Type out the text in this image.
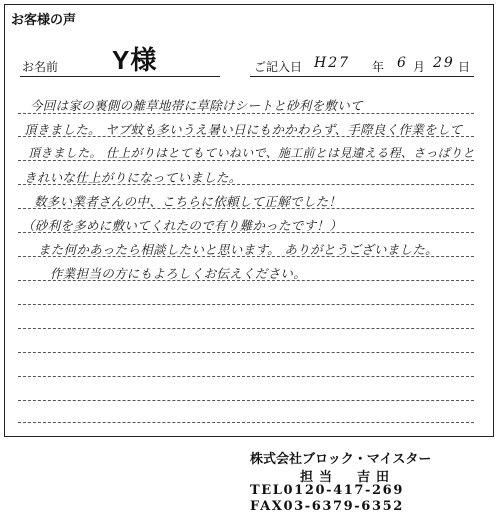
お客様の声
お名前 Y様	ご記入日 H27 年 6 月 29 日
今回は家の裏側の雑草地帯に草除けシートと砂利を敷いて
頂きました。 ヤブ蚊も多いうえ暑い日にもかかわらず、手際良く作業をして
頂きました。 仕上がりはとてもていねいで、施工前とは見違える程、さっぱりと
きれいな仕上がりになっていました。
数多い業者さんの中、こちらに依頼して正解でした！
（砂利を多めに敷いてくれたので有り難かったです！）
また何かあったら相談したいと思います。 ありがとうございました。
作業担当の方にもよろしくお伝えください。
株式会社ブロック・マイスター
担当　吉田
TEL0120-417-269
FAX03-6379-6352
